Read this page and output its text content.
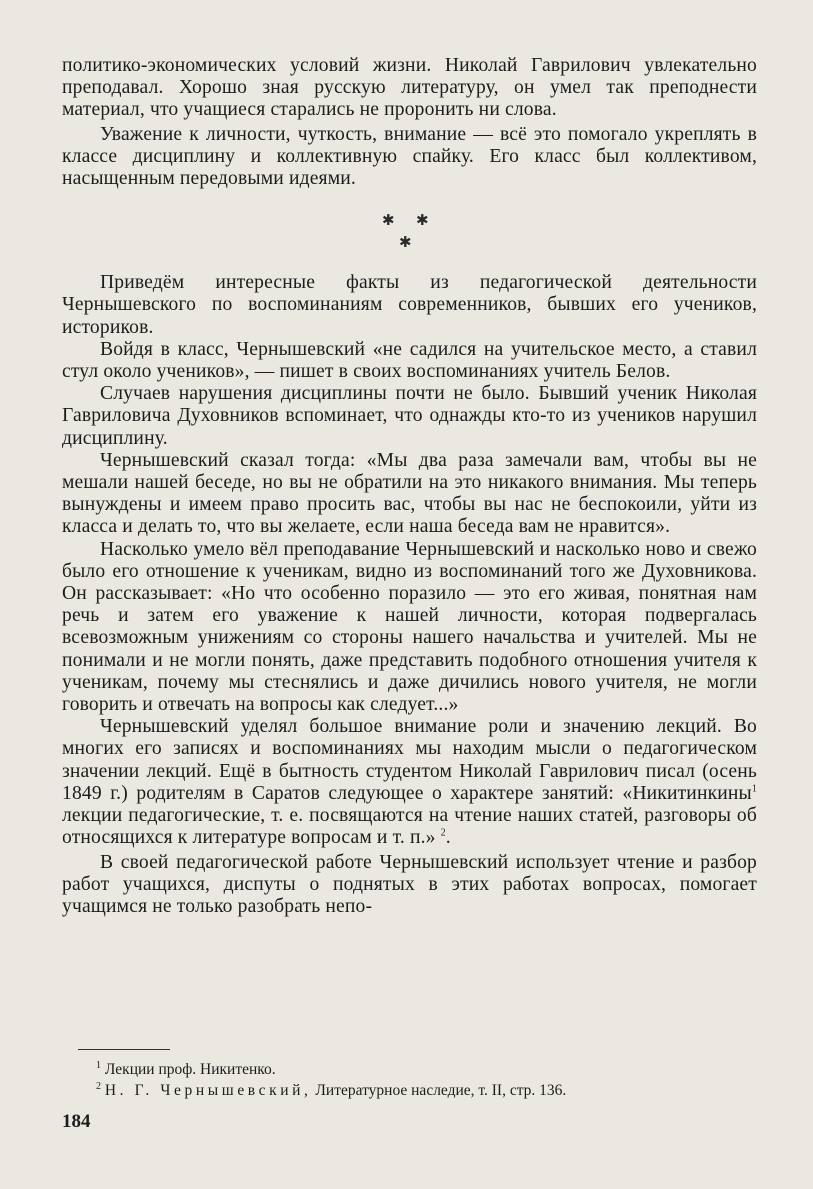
политико-экономических условий жизни. Николай Гаврилович увлекательно преподавал. Хорошо зная русскую литературу, он умел так преподнести материал, что учащиеся старались не проронить ни слова.

Уважение к личности, чуткость, внимание — всё это помогало укреплять в классе дисциплину и коллективную спайку. Его класс был коллективом, насыщенным передовыми идеями.

✱ ✱
✱

Приведём интересные факты из педагогической деятельности Чернышевского по воспоминаниям современников, бывших его учеников, историков.

Войдя в класс, Чернышевский «не садился на учительское место, а ставил стул около учеников», — пишет в своих воспоминаниях учитель Белов.

Случаев нарушения дисциплины почти не было. Бывший ученик Николая Гавриловича Духовников вспоминает, что однажды кто-то из учеников нарушил дисциплину.

Чернышевский сказал тогда: «Мы два раза замечали вам, чтобы вы не мешали нашей беседе, но вы не обратили на это никакого внимания. Мы теперь вынуждены и имеем право просить вас, чтобы вы нас не беспокоили, уйти из класса и делать то, что вы желаете, если наша беседа вам не нравится».

Насколько умело вёл преподавание Чернышевский и насколько ново и свежо было его отношение к ученикам, видно из воспоминаний того же Духовникова. Он рассказывает: «Но что особенно поразило — это его живая, понятная нам речь и затем его уважение к нашей личности, которая подвергалась всевозможным унижениям со стороны нашего начальства и учителей. Мы не понимали и не могли понять, даже представить подобного отношения учителя к ученикам, почему мы стеснялись и даже дичились нового учителя, не могли говорить и отвечать на вопросы как следует...»

Чернышевский уделял большое внимание роли и значению лекций. Во многих его записях и воспоминаниях мы находим мысли о педагогическом значении лекций. Ещё в бытность студентом Николай Гаврилович писал (осень 1849 г.) родителям в Саратов следующее о характере занятий: «Никитинкины$^1$ лекции педагогические, т. е. посвящаются на чтение наших статей, разговоры об относящихся к литературе вопросам и т. п.» $^2$.

В своей педагогической работе Чернышевский использует чтение и разбор работ учащихся, диспуты о поднятых в этих работах вопросах, помогает учащимся не только разобрать непо-

$^1$ Лекции проф. Никитенко.

$^2$ Н. Г. Чернышевский, Литературное наследие, т. II, стр. 136.

184
